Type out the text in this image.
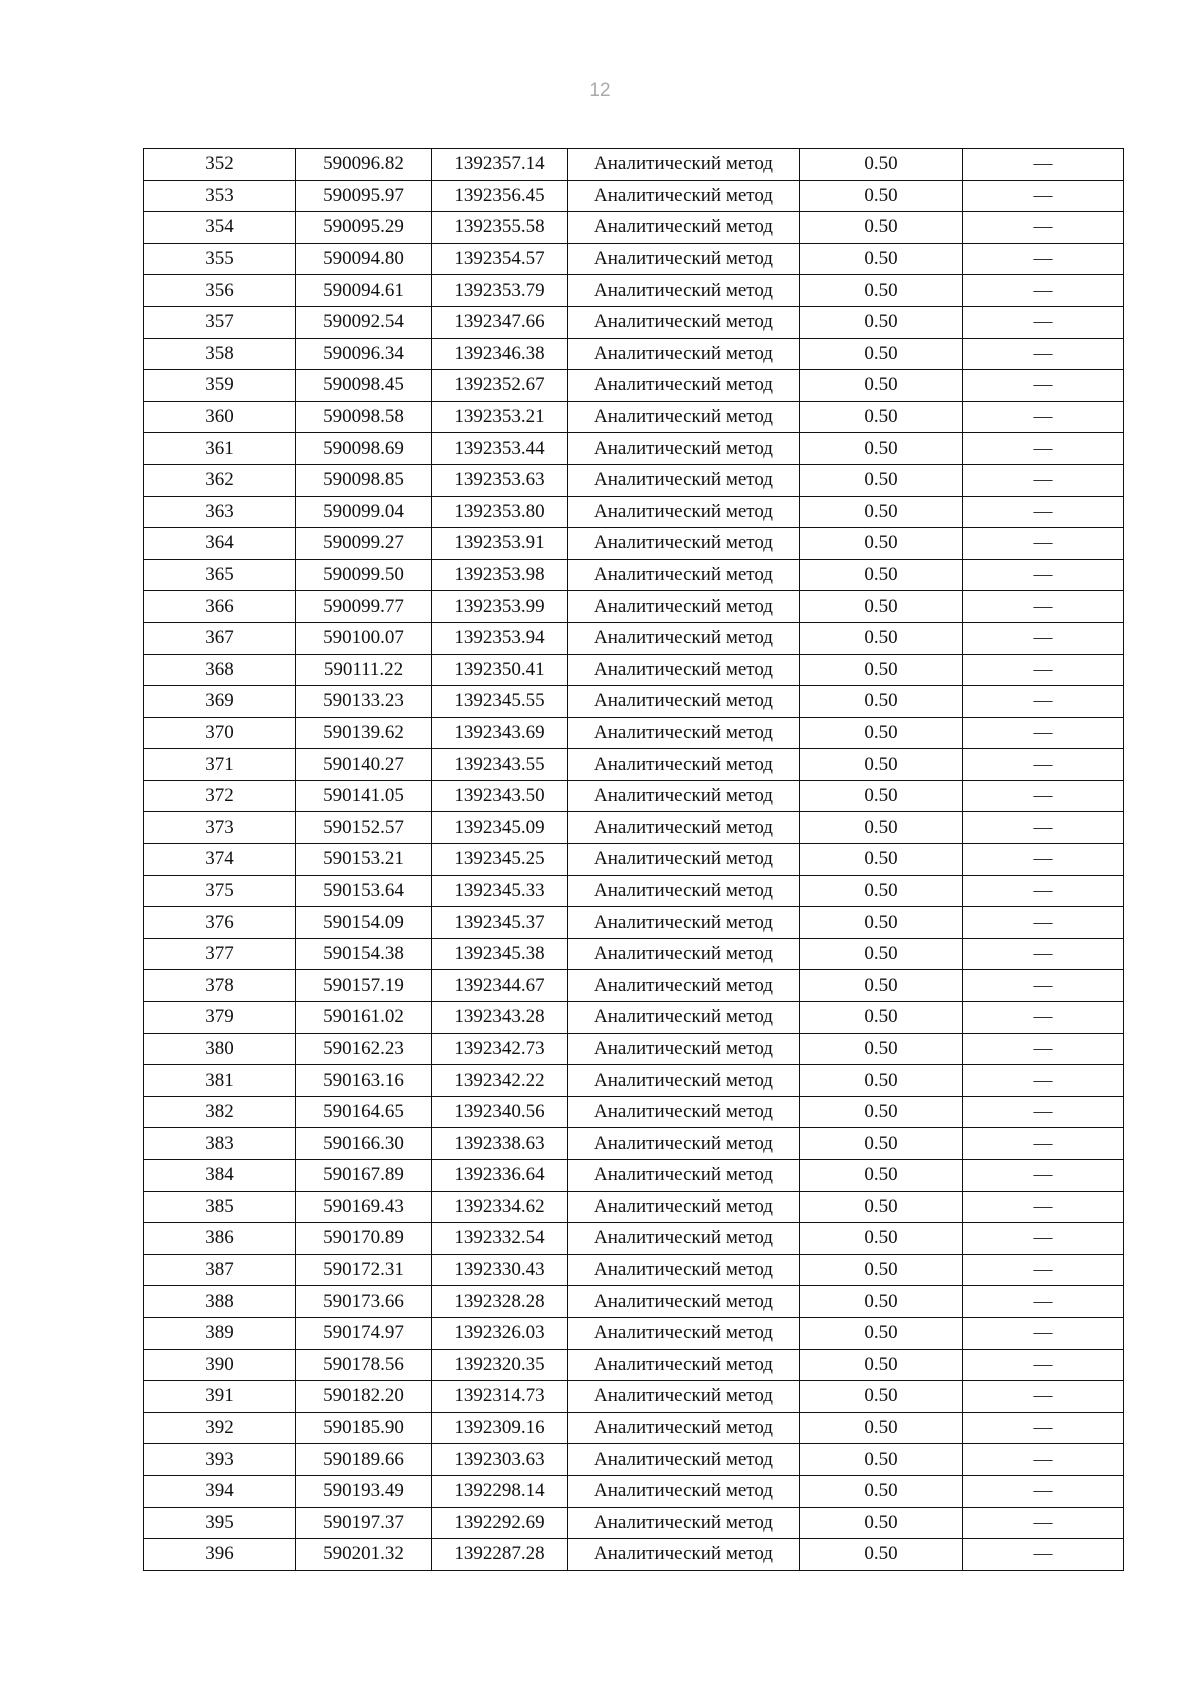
12
352	590096.82	1392357.14	Аналитический метод	0.50	—
353	590095.97	1392356.45	Аналитический метод	0.50	—
354	590095.29	1392355.58	Аналитический метод	0.50	—
355	590094.80	1392354.57	Аналитический метод	0.50	—
356	590094.61	1392353.79	Аналитический метод	0.50	—
357	590092.54	1392347.66	Аналитический метод	0.50	—
358	590096.34	1392346.38	Аналитический метод	0.50	—
359	590098.45	1392352.67	Аналитический метод	0.50	—
360	590098.58	1392353.21	Аналитический метод	0.50	—
361	590098.69	1392353.44	Аналитический метод	0.50	—
362	590098.85	1392353.63	Аналитический метод	0.50	—
363	590099.04	1392353.80	Аналитический метод	0.50	—
364	590099.27	1392353.91	Аналитический метод	0.50	—
365	590099.50	1392353.98	Аналитический метод	0.50	—
366	590099.77	1392353.99	Аналитический метод	0.50	—
367	590100.07	1392353.94	Аналитический метод	0.50	—
368	590111.22	1392350.41	Аналитический метод	0.50	—
369	590133.23	1392345.55	Аналитический метод	0.50	—
370	590139.62	1392343.69	Аналитический метод	0.50	—
371	590140.27	1392343.55	Аналитический метод	0.50	—
372	590141.05	1392343.50	Аналитический метод	0.50	—
373	590152.57	1392345.09	Аналитический метод	0.50	—
374	590153.21	1392345.25	Аналитический метод	0.50	—
375	590153.64	1392345.33	Аналитический метод	0.50	—
376	590154.09	1392345.37	Аналитический метод	0.50	—
377	590154.38	1392345.38	Аналитический метод	0.50	—
378	590157.19	1392344.67	Аналитический метод	0.50	—
379	590161.02	1392343.28	Аналитический метод	0.50	—
380	590162.23	1392342.73	Аналитический метод	0.50	—
381	590163.16	1392342.22	Аналитический метод	0.50	—
382	590164.65	1392340.56	Аналитический метод	0.50	—
383	590166.30	1392338.63	Аналитический метод	0.50	—
384	590167.89	1392336.64	Аналитический метод	0.50	—
385	590169.43	1392334.62	Аналитический метод	0.50	—
386	590170.89	1392332.54	Аналитический метод	0.50	—
387	590172.31	1392330.43	Аналитический метод	0.50	—
388	590173.66	1392328.28	Аналитический метод	0.50	—
389	590174.97	1392326.03	Аналитический метод	0.50	—
390	590178.56	1392320.35	Аналитический метод	0.50	—
391	590182.20	1392314.73	Аналитический метод	0.50	—
392	590185.90	1392309.16	Аналитический метод	0.50	—
393	590189.66	1392303.63	Аналитический метод	0.50	—
394	590193.49	1392298.14	Аналитический метод	0.50	—
395	590197.37	1392292.69	Аналитический метод	0.50	—
396	590201.32	1392287.28	Аналитический метод	0.50	—
